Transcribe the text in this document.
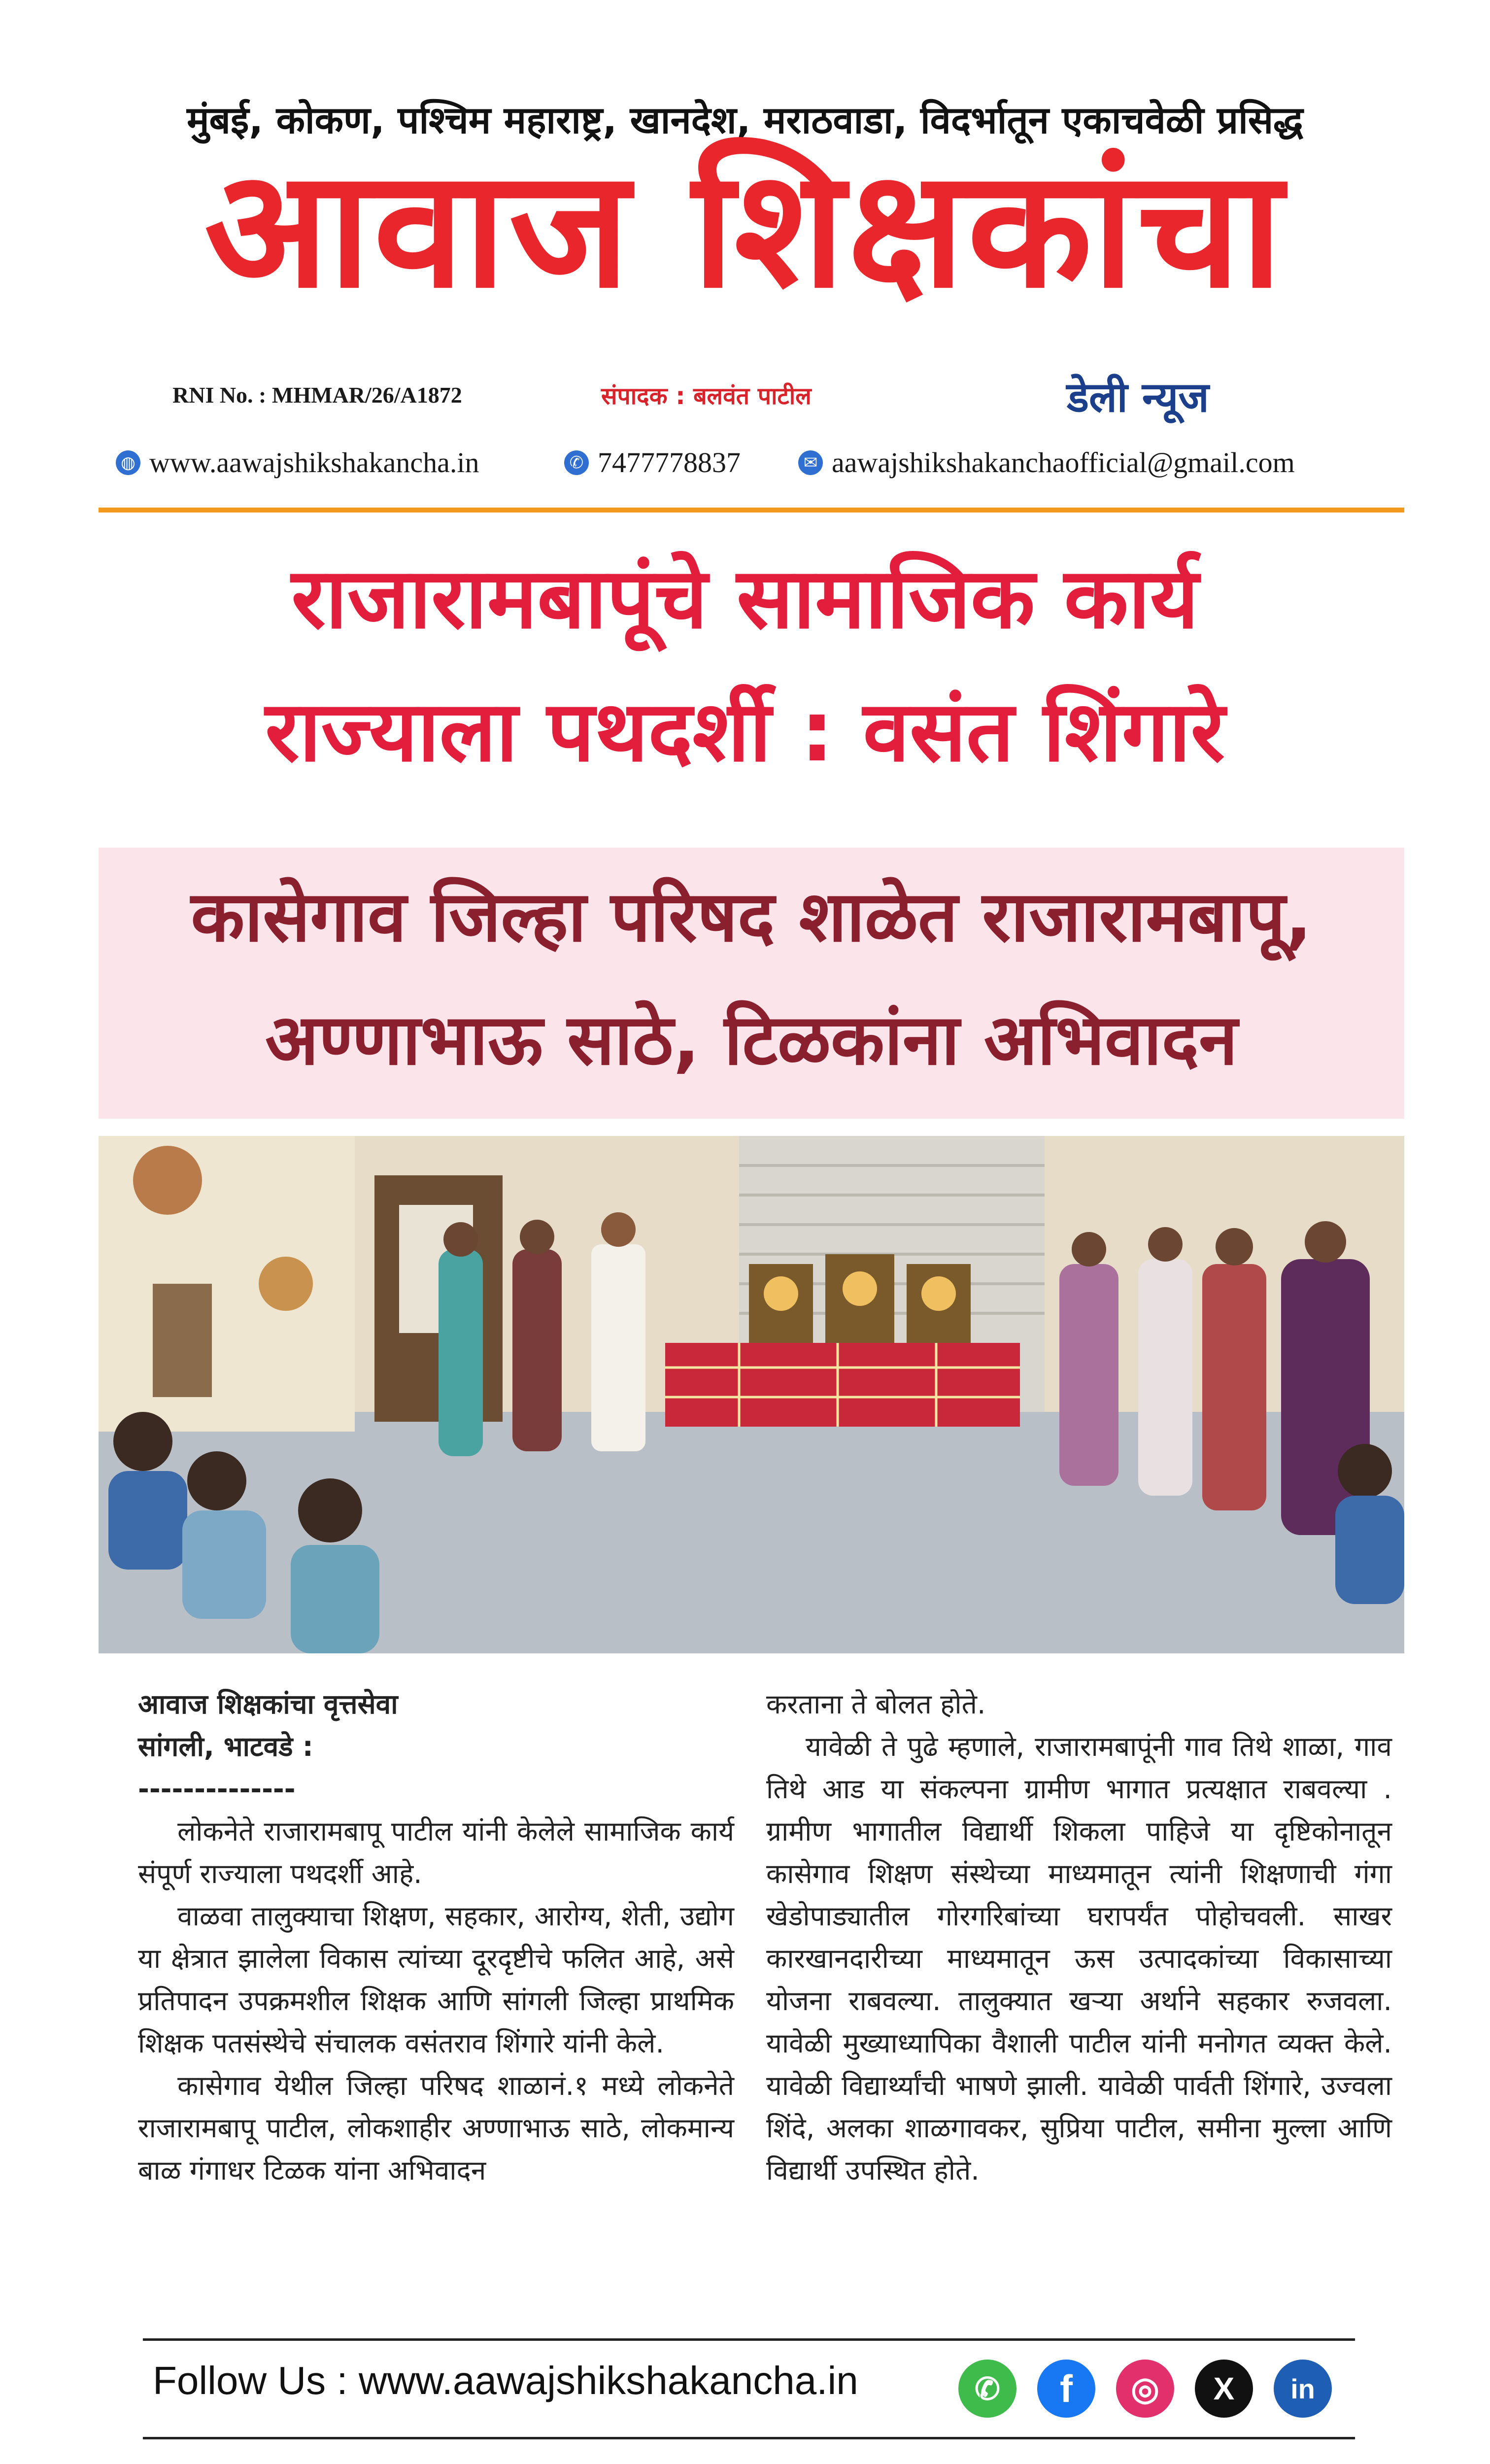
मुंबई, कोकण, पश्चिम महाराष्ट्र, खानदेश, मराठवाडा, विदर्भातून एकाचवेळी प्रसिद्ध
आवाज शिक्षकांचा
RNI No. : MHMAR/26/A1872	संपादक : बलवंत पाटील	डेली न्यूज
◍ www.aawajshikshakancha.in	✆ 7477778837	✉ aawajshikshakanchaofficial@gmail.com
राजारामबापूंचे सामाजिक कार्य
राज्याला पथदर्शी : वसंत शिंगारे
कासेगाव जिल्हा परिषद शाळेत राजारामबापू,
अण्णाभाऊ साठे, टिळकांना अभिवादन
आवाज शिक्षकांचा वृत्तसेवा
सांगली, भाटवडे :
--------------

लोकनेते राजारामबापू पाटील यांनी केलेले सामाजिक कार्य संपूर्ण राज्याला पथदर्शी आहे.

वाळवा तालुक्याचा शिक्षण, सहकार, आरोग्य, शेती, उद्योग या क्षेत्रात झालेला विकास त्यांच्या दूरदृष्टीचे फलित आहे, असे प्रतिपादन उपक्रमशील शिक्षक आणि सांगली जिल्हा प्राथमिक शिक्षक पतसंस्थेचे संचालक वसंतराव शिंगारे यांनी केले.

कासेगाव येथील जिल्हा परिषद शाळानं.१ मध्ये लोकनेते राजारामबापू पाटील, लोकशाहीर अण्णाभाऊ साठे, लोकमान्य बाळ गंगाधर टिळक यांना अभिवादन

करताना ते बोलत होते.

यावेळी ते पुढे म्हणाले, राजारामबापूंनी गाव तिथे शाळा, गाव तिथे आड या संकल्पना ग्रामीण भागात प्रत्यक्षात राबवल्या . ग्रामीण भागातील विद्यार्थी शिकला पाहिजे या दृष्टिकोनातून कासेगाव शिक्षण संस्थेच्या माध्यमातून त्यांनी शिक्षणाची गंगा खेडोपाड्यातील गोरगरिबांच्या घरापर्यंत पोहोचवली. साखर कारखानदारीच्या माध्यमातून ऊस उत्पादकांच्या विकासाच्या योजना राबवल्या. तालुक्यात खऱ्या अर्थाने सहकार रुजवला. यावेळी मुख्याध्यापिका वैशाली पाटील यांनी मनोगत व्यक्त केले. यावेळी विद्यार्थ्यांची भाषणे झाली. यावेळी पार्वती शिंगारे, उज्वला शिंदे, अलका शाळगावकर, सुप्रिया पाटील, समीना मुल्ला आणि विद्यार्थी उपस्थित होते.

Follow Us : www.aawajshikshakancha.in	✆	f	◎	X	in
